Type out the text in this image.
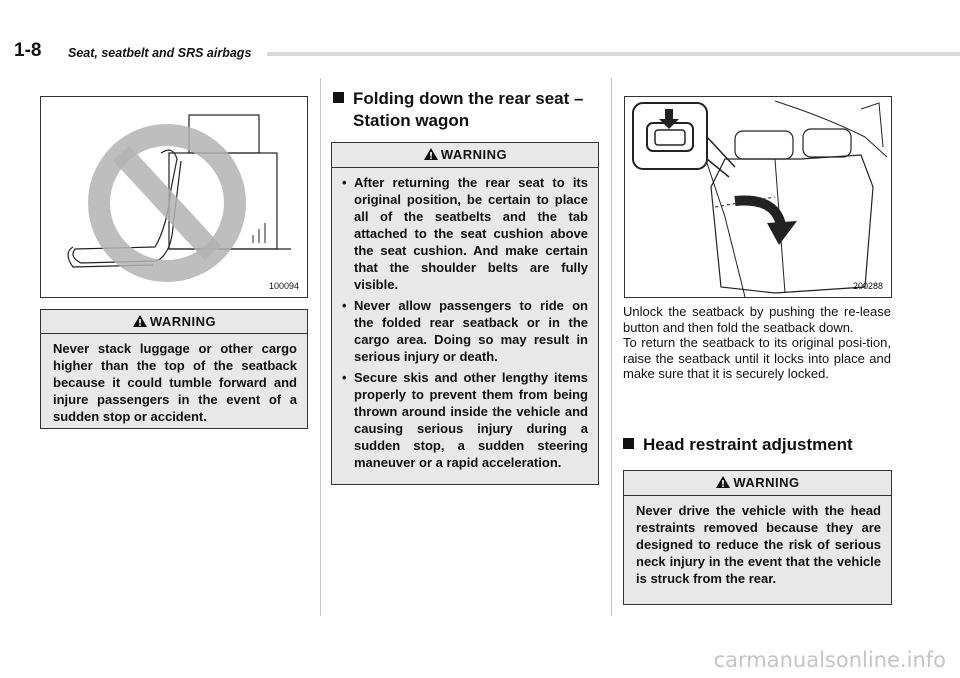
1-8 Seat, seatbelt and SRS airbags
100094
WARNING
Never stack luggage or other cargo higher than the top of the seatback because it could tumble forward and injure passengers in the event of a sudden stop or accident.
Folding down the rear seat –
Station wagon
WARNING
• After returning the rear seat to its original position, be certain to place all of the seatbelts and the tab attached to the seat cushion above the seat cushion. And make certain that the shoulder belts are fully visible.
• Never allow passengers to ride on the folded rear seatback or in the cargo area. Doing so may result in serious injury or death.
• Secure skis and other lengthy items properly to prevent them from being thrown around inside the vehicle and causing serious injury during a sudden stop, a sudden steering maneuver or a rapid acceleration.
200288

Unlock the seatback by pushing the re-lease button and then fold the seatback down.

To return the seatback to its original posi-tion, raise the seatback until it locks into place and make sure that it is securely locked.

Head restraint adjustment
WARNING
Never drive the vehicle with the head restraints removed because they are designed to reduce the risk of serious neck injury in the event that the vehicle is struck from the rear.
carmanualsonline.info
